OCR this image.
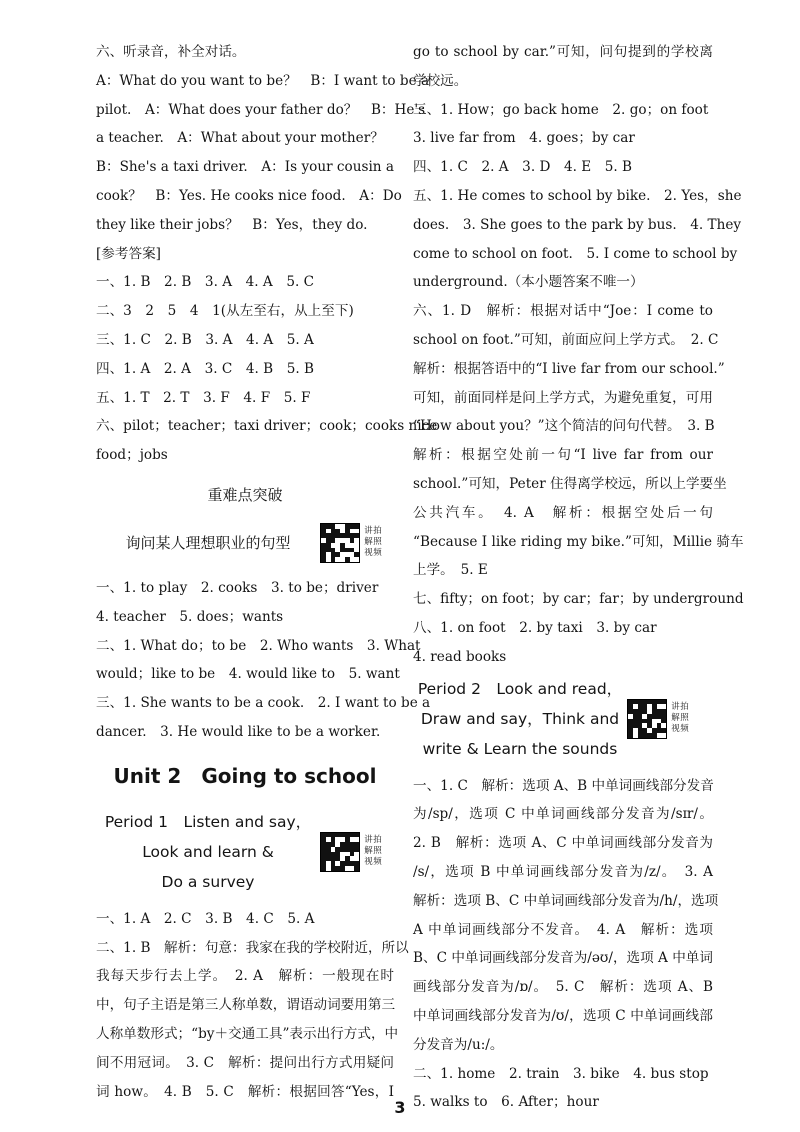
六、听录音，补全对话。
A：What do you want to be？　B：I want to be a
pilot.　A：What does your father do？　B：He's
a teacher.　A：What about your mother？
B：She's a taxi driver.　A：Is your cousin a
cook？　B：Yes. He cooks nice food.　A：Do
they like their jobs？　B：Yes，they do.
[参考答案]
一、1. B　2. B　3. A　4. A　5. C
二、3　2　5　4　1(从左至右，从上至下)
三、1. C　2. B　3. A　4. A　5. A
四、1. A　2. A　3. C　4. B　5. B
五、1. T　2. T　3. F　4. F　5. F
六、pilot；teacher；taxi driver；cook；cooks nice
food；jobs
重难点突破
询问某人理想职业的句型
讲 拍
解 照
视 频
一、1. to play　2. cooks　3. to be；driver
4. teacher　5. does；wants
二、1. What do；to be　2. Who wants　3. What
would；like to be　4. would like to　5. want
三、1. She wants to be a cook.　2. I want to be a
dancer.　3. He would like to be a worker.
Unit 2　Going to school
Period 1　Listen and say，
Look and learn &
Do a survey
讲 拍
解 照
视 频
一、1. A　2. C　3. B　4. C　5. A
二、1. B　解析：句意：我家在我的学校附近，所以
我每天步行去上学。　2. A　解析：一般现在时
中，句子主语是第三人称单数，谓语动词要用第三
人称单数形式；“by＋交通工具”表示出行方式，中
间不用冠词。　3. C　解析：提问出行方式用疑问
词 how。　4. B　5. C　解析：根据回答“Yes，I
go to school by car.”可知，问句提到的学校离
学校远。
三、1. How；go back home　2. go；on foot
3. live far from　4. goes；by car
四、1. C　2. A　3. D　4. E　5. B
五、1. He comes to school by bike.　2. Yes，she
does.　3. She goes to the park by bus.　4. They
come to school on foot.　5. I come to school by
underground.（本小题答案不唯一）
六、1. D　解析：根据对话中“Joe：I come to
school on foot.”可知，前面应问上学方式。　2. C
解析：根据答语中的“I live far from our school.”
可知，前面同样是问上学方式，为避免重复，可用
“How about you？”这个简洁的问句代替。　3. B
解析：根据空处前一句“I live far from our
school.”可知，Peter 住得离学校远，所以上学要坐
公共汽车。　4. A　解析：根据空处后一句
“Because I like riding my bike.”可知，Millie 骑车
上学。　5. E
七、fifty；on foot；by car；far；by underground
八、1. on foot　2. by taxi　3. by car
4. read books
Period 2　Look and read，
Draw and say，Think and
write & Learn the sounds
讲 拍
解 照
视 频
一、1. C　解析：选项 A、B 中单词画线部分发音
为/sp/，选项 C 中单词画线部分发音为/sɪr/。
2. B　解析：选项 A、C 中单词画线部分发音为
/s/，选项 B 中单词画线部分发音为/z/。　3. A
解析：选项 B、C 中单词画线部分发音为/h/，选项
A 中单词画线部分不发音。　4. A　解析：选项
B、C 中单词画线部分发音为/əʊ/，选项 A 中单词
画线部分发音为/ɒ/。　5. C　解析：选项 A、B
中单词画线部分发音为/ʊ/，选项 C 中单词画线部
分发音为/u:/。
二、1. home　2. train　3. bike　4. bus stop
5. walks to　6. After；hour
3
